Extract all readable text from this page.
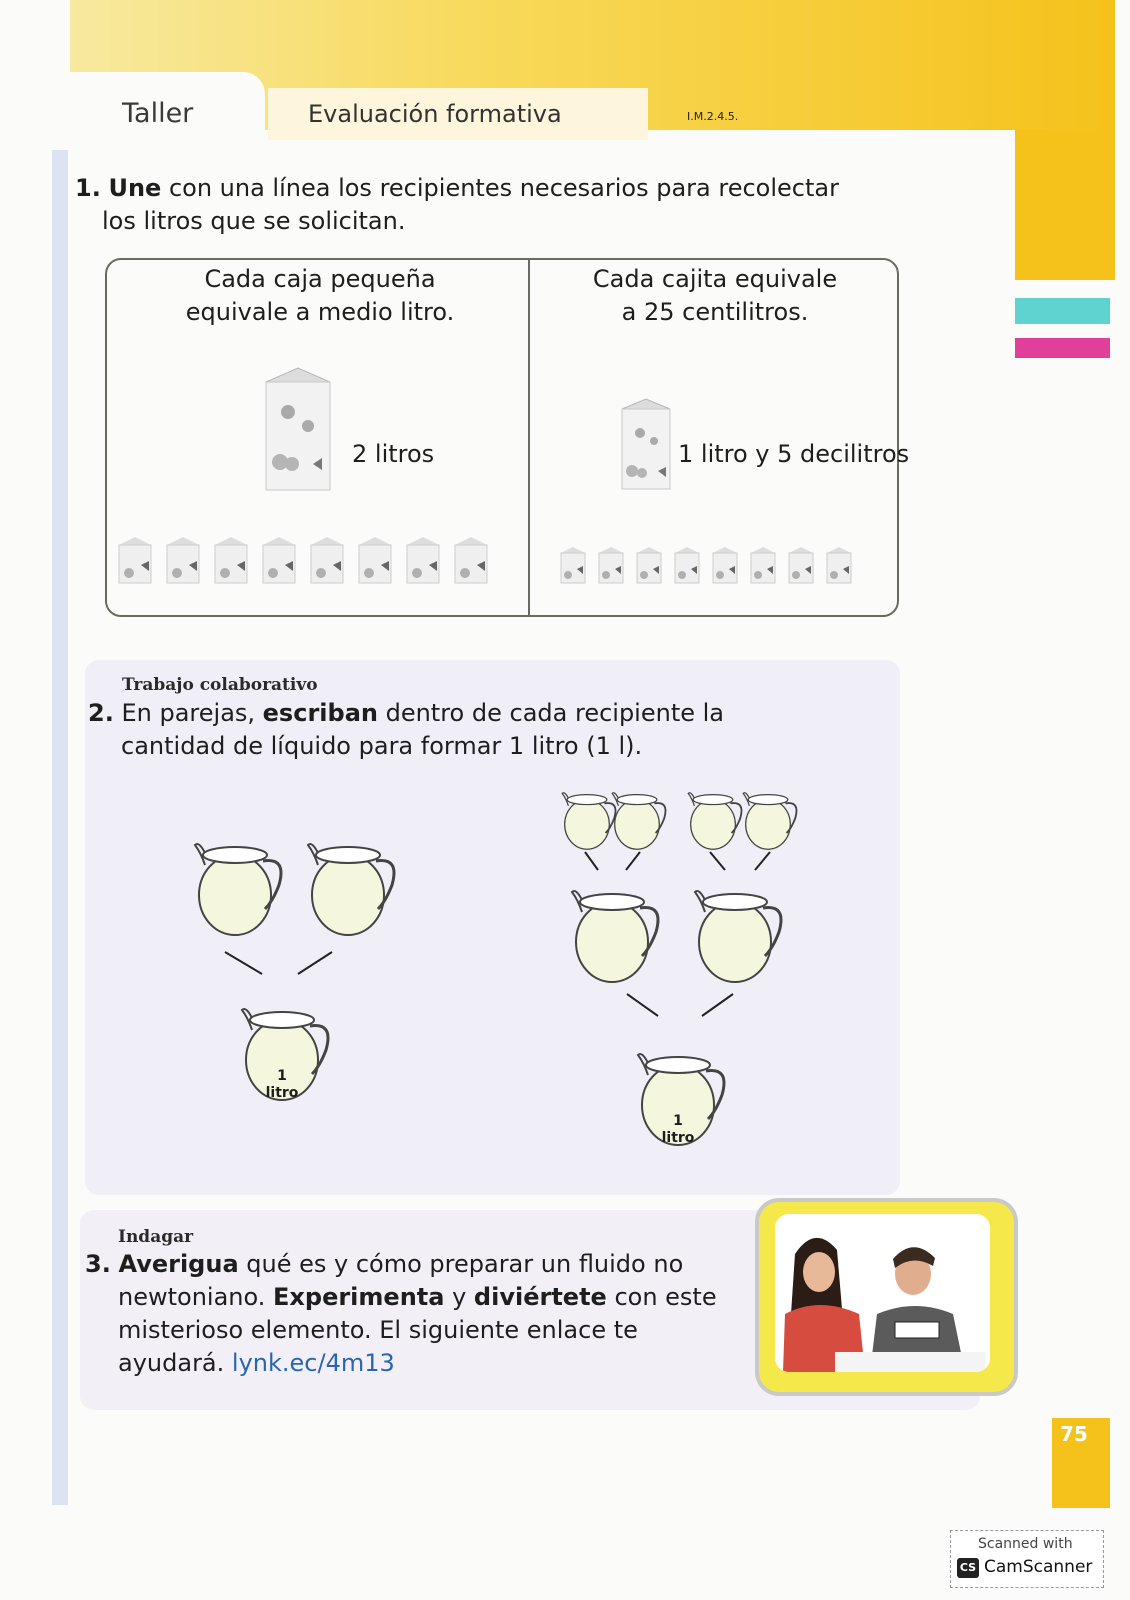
Taller	Evaluación formativa	I.M.2.4.5.
1. Une con una línea los recipientes necesarios para recolectar
los litros que se solicitan.
Cada caja pequeña
equivale a medio litro.
Cada cajita equivale
a 25 centilitros.
2 litros	1 litro y 5 decilitros
Trabajo colaborativo
2. En parejas, escriban dentro de cada recipiente la
cantidad de líquido para formar 1 litro (1 l).
1
litro
1
litro
Indagar
3. Averigua qué es y cómo preparar un fluido no
newtoniano. Experimenta y diviértete con este
misterioso elemento. El siguiente enlace te
ayudará. lynk.ec/4m13
75
Scanned with
CS CamScanner
